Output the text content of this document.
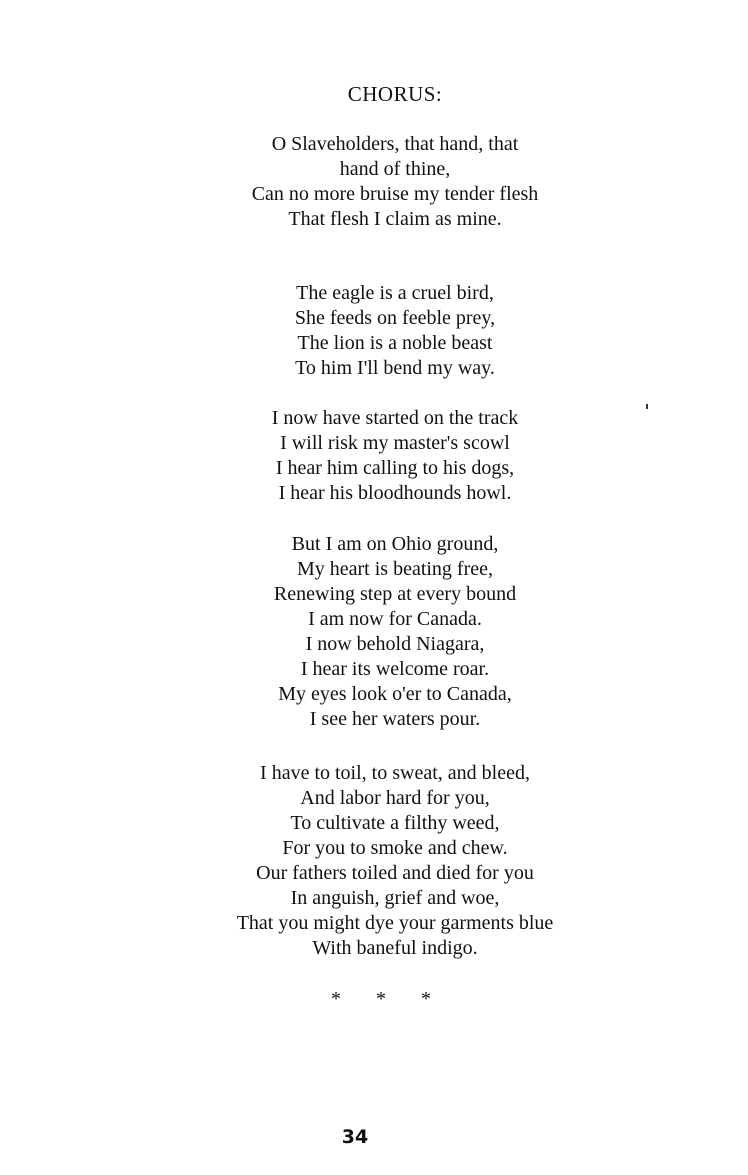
CHORUS:
O Slaveholders, that hand, that
hand of thine,
Can no more bruise my tender flesh
That flesh I claim as mine.
The eagle is a cruel bird,
She feeds on feeble prey,
The lion is a noble beast
To him I'll bend my way.
I now have started on the track
I will risk my master's scowl
I hear him calling to his dogs,
I hear his bloodhounds howl.
But I am on Ohio ground,
My heart is beating free,
Renewing step at every bound
I am now for Canada.
I now behold Niagara,
I hear its welcome roar.
My eyes look o'er to Canada,
I see her waters pour.
I have to toil, to sweat, and bleed,
And labor hard for you,
To cultivate a filthy weed,
For you to smoke and chew.
Our fathers toiled and died for you
In anguish, grief and woe,
That you might dye your garments blue
With baneful indigo.
* * *
34
